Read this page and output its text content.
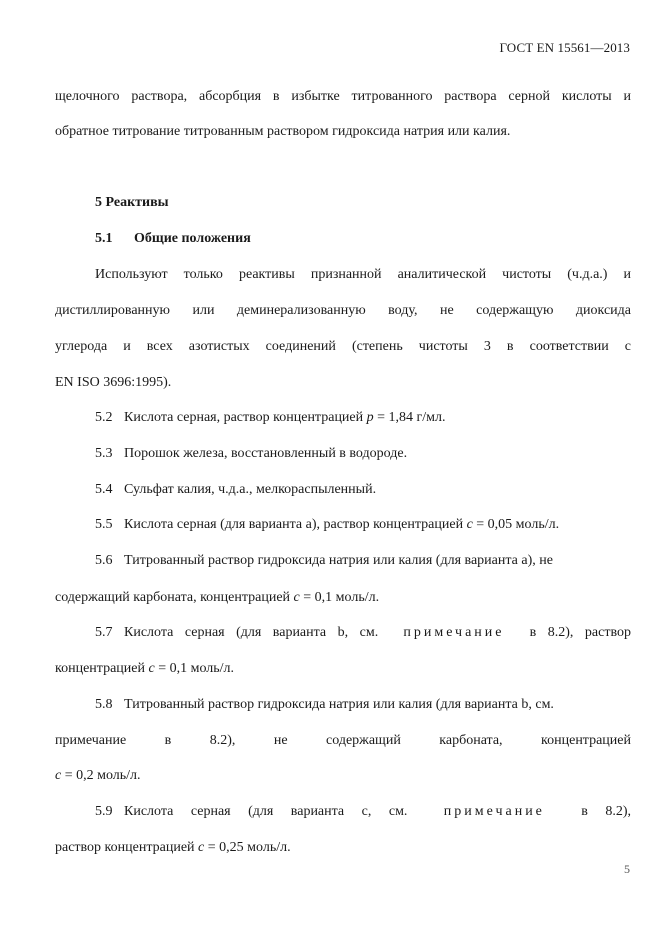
ГОСТ EN 15561—2013
щелочного раствора, абсорбция в избытке титрованного раствора серной кислоты и
обратное титрование титрованным раствором гидроксида натрия или калия.
5 Реактивы
5.1 Общие положения
Используют только реактивы признанной аналитической чистоты (ч.д.а.) и
дистиллированную или деминерализованную воду, не содержащую диоксида
углерода и всех азотистых соединений (степень чистоты 3 в соответствии с
EN ISO 3696:1995).
5.2 Кислота серная, раствор концентрацией p = 1,84 г/мл.
5.3 Порошок железа, восстановленный в водороде.
5.4 Сульфат калия, ч.д.а., мелкораспыленный.
5.5 Кислота серная (для варианта a), раствор концентрацией c = 0,05 моль/л.
5.6 Титрованный раствор гидроксида натрия или калия (для варианта a), не
содержащий карбоната, концентрацией c = 0,1 моль/л.
5.7 Кислота серная (для варианта b, см. примечание в 8.2), раствор
концентрацией c = 0,1 моль/л.
5.8 Титрованный раствор гидроксида натрия или калия (для варианта b, см.
примечание в 8.2), не содержащий карбоната, концентрацией
c = 0,2 моль/л.
5.9 Кислота серная (для варианта с, см.	примечание	в 8.2),
раствор концентрацией c = 0,25 моль/л.
5
